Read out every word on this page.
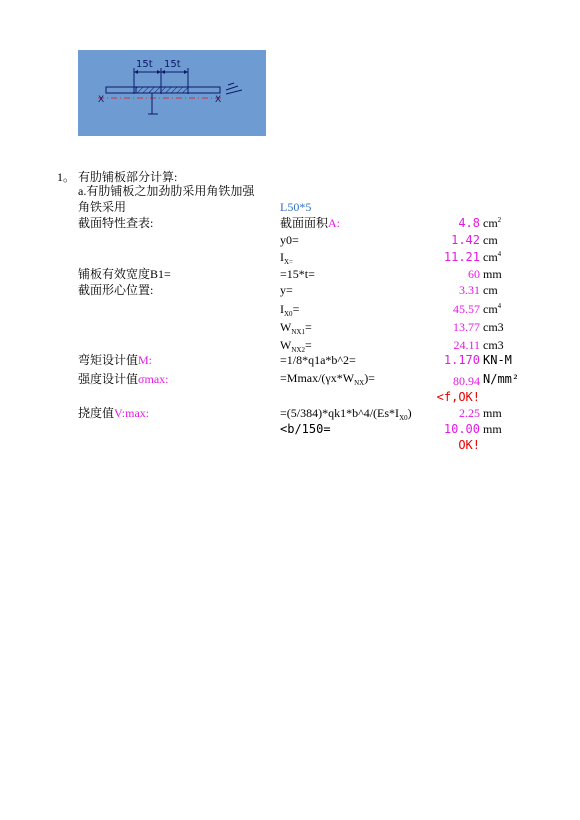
15t 15t
X	X
1。 有肋铺板部分计算:
a.有肋铺板之加劲肋采用角铁加强
角铁采用	L50*5
截面特性查表:	截面面积A:	4.8 $cm^2$
y0=	1.42 cm
$I_{X=}$	11.21 $cm^4$
铺板有效宽度B1=	=15*t=	60 mm
截面形心位置:	y=	3.31 cm
$I_{X0}=$	45.57 $cm^4$
$W_{NX1}=$	13.77 cm3
$W_{NX2}=$	24.11 cm3
弯矩设计值M:	=1/8*q1a*b^2=	1.170 KN-M
强度设计值σmax:	$=Mmax/(\gamma x*W_{NX})=$	80.94 N/mm²
<f,OK!
挠度值V:max:	$=(5/384)*qk1*b\^{}4/(Es*I_{X0})$	2.25 mm
<b/150=	10.00 mm
OK!
